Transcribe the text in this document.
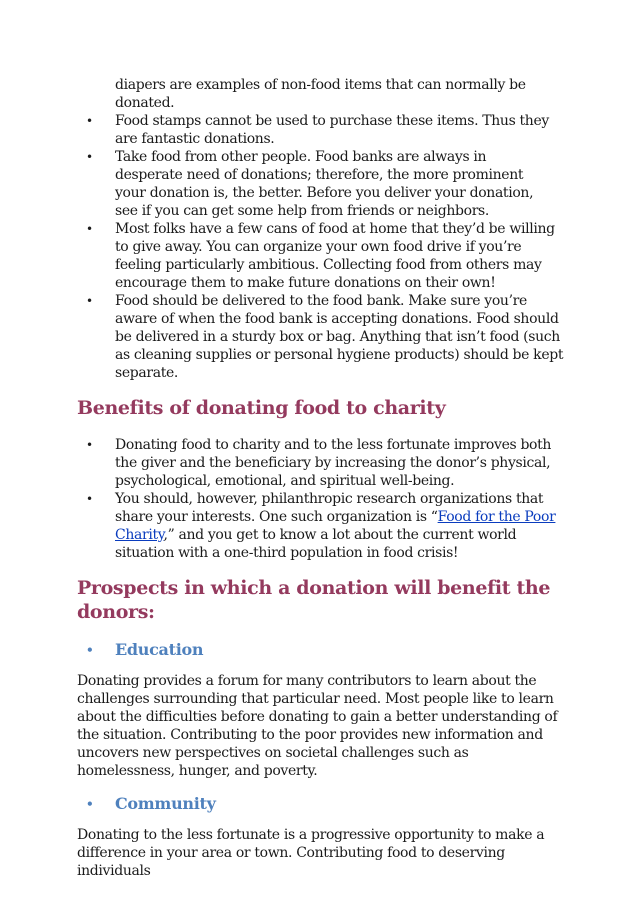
diapers are examples of non-food items that can normally be donated.
• Food stamps cannot be used to purchase these items. Thus they are fantastic donations.
• Take food from other people. Food banks are always in desperate need of donations; therefore, the more prominent your donation is, the better. Before you deliver your donation, see if you can get some help from friends or neighbors.
• Most folks have a few cans of food at home that they’d be willing to give away. You can organize your own food drive if you’re feeling particularly ambitious. Collecting food from others may encourage them to make future donations on their own!
• Food should be delivered to the food bank. Make sure you’re aware of when the food bank is accepting donations. Food should be delivered in a sturdy box or bag. Anything that isn’t food (such as cleaning supplies or personal hygiene products) should be kept separate.
Benefits of donating food to charity
• Donating food to charity and to the less fortunate improves both the giver and the beneficiary by increasing the donor’s physical, psychological, emotional, and spiritual well-being.
• You should, however, philanthropic research organizations that share your interests. One such organization is “Food for the Poor Charity,” and you get to know a lot about the current world situation with a one-third population in food crisis!
Prospects in which a donation will benefit the donors:
• Education

Donating provides a forum for many contributors to learn about the challenges surrounding that particular need. Most people like to learn about the difficulties before donating to gain a better understanding of the situation. Contributing to the poor provides new information and uncovers new perspectives on societal challenges such as homelessness, hunger, and poverty.

• Community

Donating to the less fortunate is a progressive opportunity to make a difference in your area or town. Contributing food to deserving individuals
